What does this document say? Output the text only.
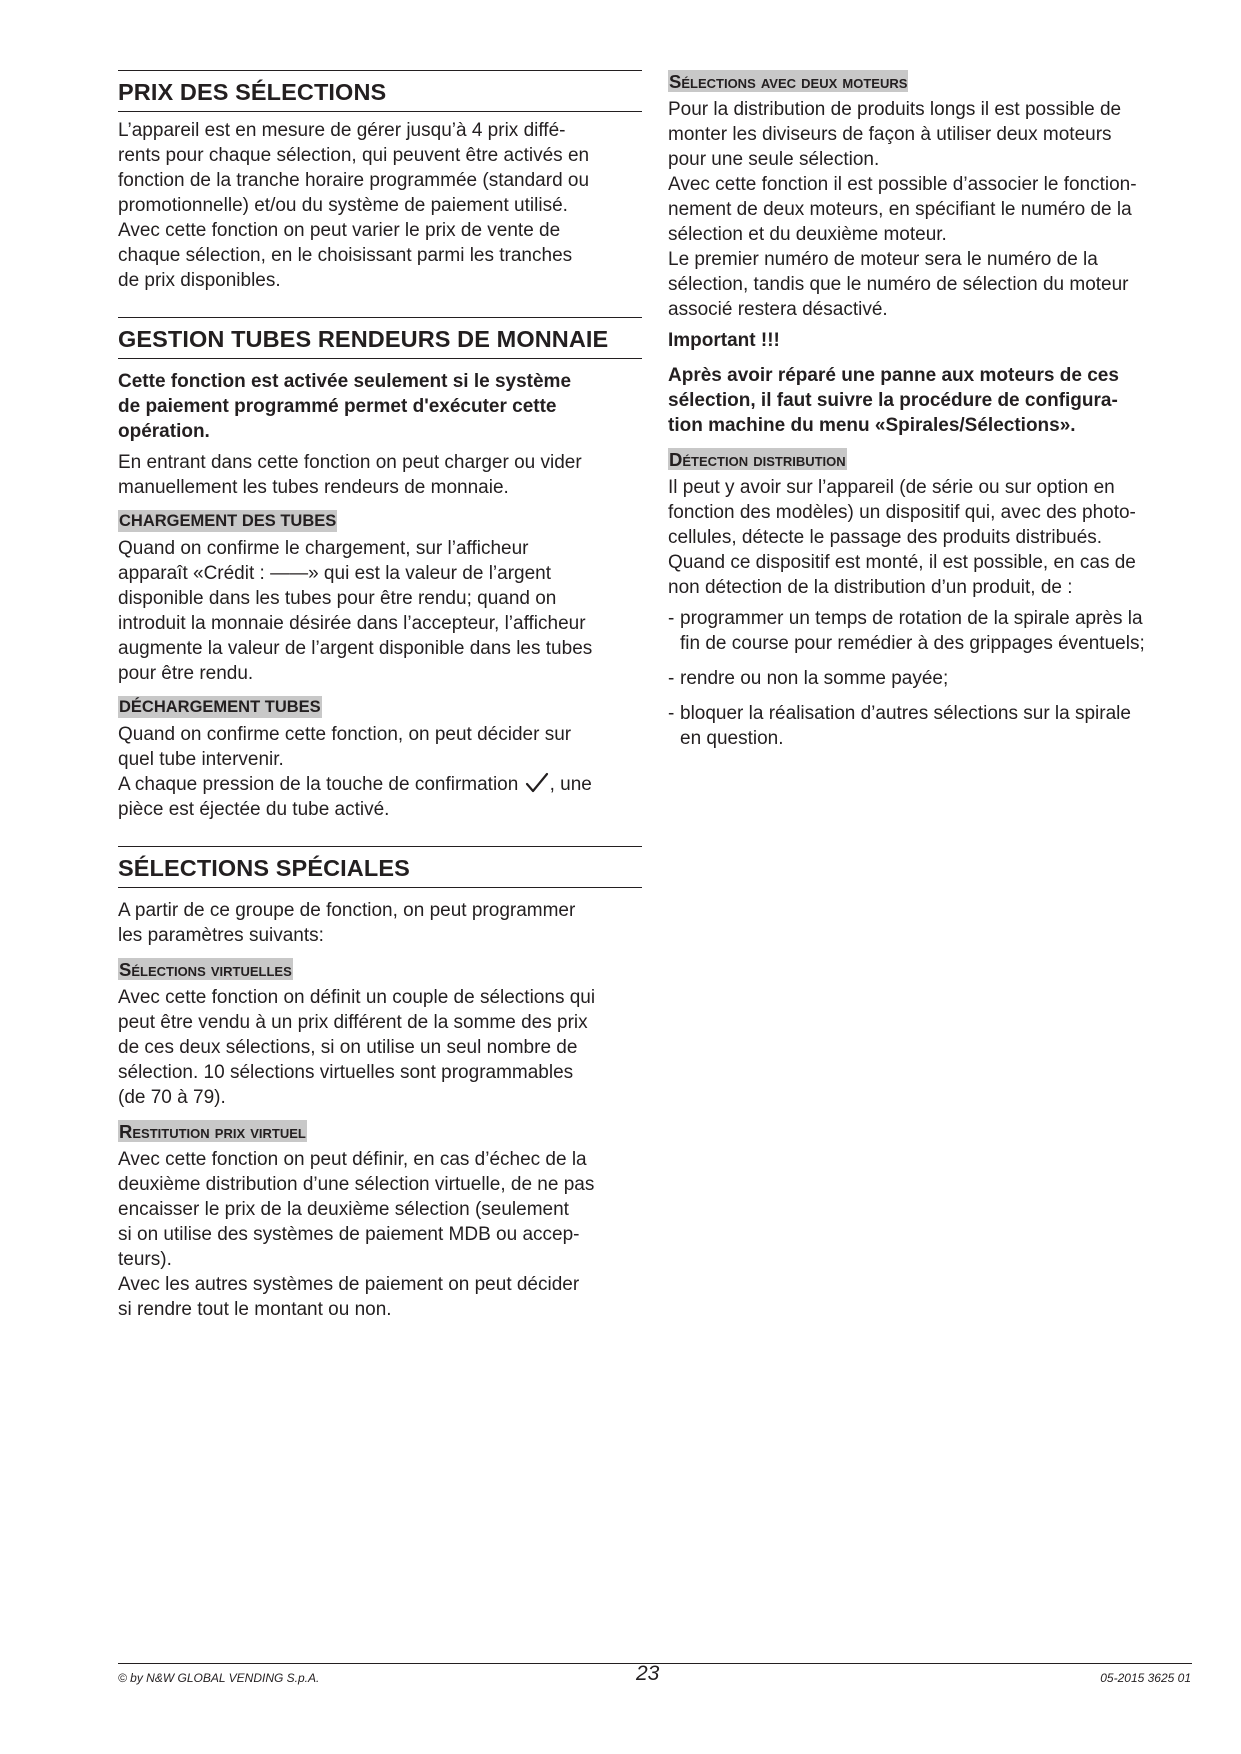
PRIX DES SÉLECTIONS

L’appareil est en mesure de gérer jusqu’à 4 prix diffé-

rents pour chaque sélection, qui peuvent être activés en

fonction de la tranche horaire programmée (standard ou

promotionnelle) et/ou du système de paiement utilisé.

Avec cette fonction on peut varier le prix de vente de

chaque sélection, en le choisissant parmi les tranches

de prix disponibles.

GESTION TUBES RENDEURS DE MONNAIE

Cette fonction est activée seulement si le système

de paiement programmé permet d'exécuter cette

opération.

En entrant dans cette fonction on peut charger ou vider

manuellement les tubes rendeurs de monnaie.

CHARGEMENT DES TUBES

Quand on confirme le chargement, sur l’afficheur

apparaît «Crédit : ——» qui est la valeur de l’argent

disponible dans les tubes pour être rendu; quand on

introduit la monnaie désirée dans l’accepteur, l’afficheur

augmente la valeur de l’argent disponible dans les tubes

pour être rendu.

DÉCHARGEMENT TUBES

Quand on confirme cette fonction, on peut décider sur

quel tube intervenir.

A chaque pression de la touche de confirmation , une

pièce est éjectée du tube activé.

SÉLECTIONS SPÉCIALES

A partir de ce groupe de fonction, on peut programmer

les paramètres suivants:

Sélections virtuelles

Avec cette fonction on définit un couple de sélections qui

peut être vendu à un prix différent de la somme des prix

de ces deux sélections, si on utilise un seul nombre de

sélection. 10 sélections virtuelles sont programmables

(de 70 à 79).

Restitution prix virtuel

Avec cette fonction on peut définir, en cas d’échec de la

deuxième distribution d’une sélection virtuelle, de ne pas

encaisser le prix de la deuxième sélection (seulement

si on utilise des systèmes de paiement MDB ou accep-

teurs).

Avec les autres systèmes de paiement on peut décider

si rendre tout le montant ou non.

Sélections avec deux moteurs

Pour la distribution de produits longs il est possible de

monter les diviseurs de façon à utiliser deux moteurs

pour une seule sélection.

Avec cette fonction il est possible d’associer le fonction-

nement de deux moteurs, en spécifiant le numéro de la

sélection et du deuxième moteur.

Le premier numéro de moteur sera le numéro de la

sélection, tandis que le numéro de sélection du moteur

associé restera désactivé.

Important !!!

Après avoir réparé une panne aux moteurs de ces

sélection, il faut suivre la procédure de configura-

tion machine du menu «Spirales/Sélections».

Détection distribution

Il peut y avoir sur l’appareil (de série ou sur option en

fonction des modèles) un dispositif qui, avec des photo-

cellules, détecte le passage des produits distribués.

Quand ce dispositif est monté, il est possible, en cas de

non détection de la distribution d’un produit, de :

- programmer un temps de rotation de la spirale après la
fin de course pour remédier à des grippages éventuels;
- rendre ou non la somme payée;
- bloquer la réalisation d’autres sélections sur la spirale
en question.
© by N&W GLOBAL VENDING S.p.A.	23	05-2015 3625 01
